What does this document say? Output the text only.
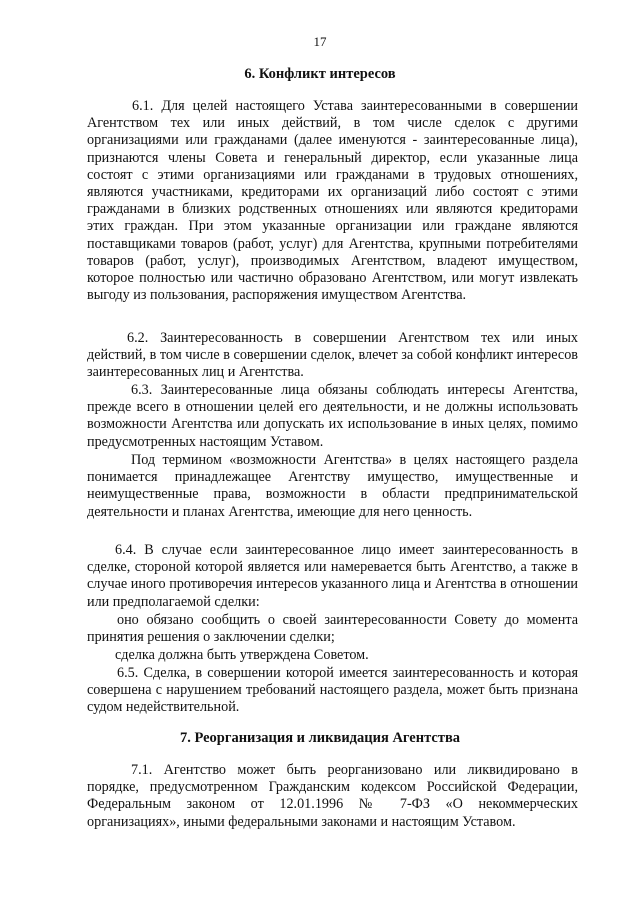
17
6. Конфликт интересов

6.1. Для целей настоящего Устава заинтересованными в совершении Агентством тех или иных действий, в том числе сделок с другими организациями или гражданами (далее именуются - заинтересованные лица), признаются члены Совета и генеральный директор, если указанные лица состоят с этими организациями или гражданами в трудовых отношениях, являются участниками, кредиторами их организаций либо состоят с этими гражданами в близких родственных отношениях или являются кредиторами этих граждан. При этом указанные организации или граждане являются поставщиками товаров (работ, услуг) для Агентства, крупными потребителями товаров (работ, услуг), производимых Агентством, владеют имуществом, которое полностью или частично образовано Агентством, или могут извлекать выгоду из пользования, распоряжения имуществом Агентства.

6.2. Заинтересованность в совершении Агентством тех или иных действий, в том числе в совершении сделок, влечет за собой конфликт интересов заинтересованных лиц и Агентства.

6.3. Заинтересованные лица обязаны соблюдать интересы Агентства, прежде всего в отношении целей его деятельности, и не должны использовать возможности Агентства или допускать их использование в иных целях, помимо предусмотренных настоящим Уставом.

Под термином «возможности Агентства» в целях настоящего раздела понимается принадлежащее Агентству имущество, имущественные и неимущественные права, возможности в области предпринимательской деятельности и планах Агентства, имеющие для него ценность.

6.4. В случае если заинтересованное лицо имеет заинтересованность в сделке, стороной которой является или намеревается быть Агентство, а также в случае иного противоречия интересов указанного лица и Агентства в отношении или предполагаемой сделки:

оно обязано сообщить о своей заинтересованности Совету до момента принятия решения о заключении сделки;

сделка должна быть утверждена Советом.

6.5. Сделка, в совершении которой имеется заинтересованность и которая совершена с нарушением требований настоящего раздела, может быть признана судом недействительной.

7. Реорганизация и ликвидация Агентства

7.1. Агентство может быть реорганизовано или ликвидировано в порядке, предусмотренном Гражданским кодексом Российской Федерации, Федеральным законом от 12.01.1996 № 7-ФЗ «О некоммерческих организациях», иными федеральными законами и настоящим Уставом.
